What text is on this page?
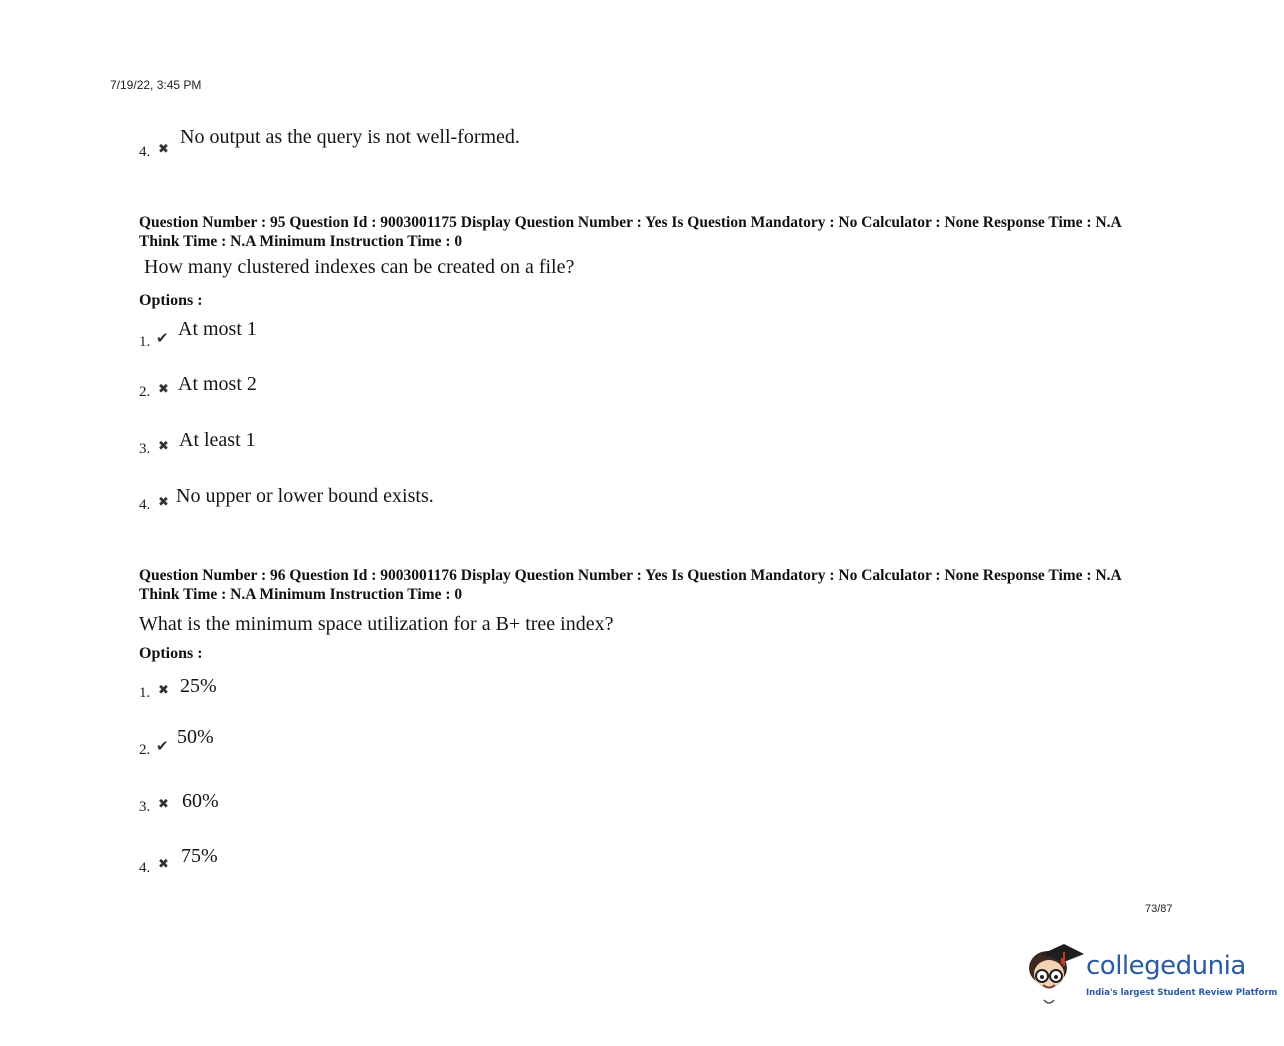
7/19/22, 3:45 PM
4. ✖
No output as the query is not well-formed.
Question Number : 95 Question Id : 9003001175 Display Question Number : Yes Is Question Mandatory : No Calculator : None Response Time : N.A Think Time : N.A Minimum Instruction Time : 0
How many clustered indexes can be created on a file?
Options :
1. ✔ At most 1
2. ✖ At most 2
3. ✖ At least 1
4. ✖ No upper or lower bound exists.
Question Number : 96 Question Id : 9003001176 Display Question Number : Yes Is Question Mandatory : No Calculator : None Response Time : N.A Think Time : N.A Minimum Instruction Time : 0
What is the minimum space utilization for a B+ tree index?
Options :
1. ✖ 25%
2. ✔ 50%
3. ✖ 60%
4. ✖ 75%
73/87
collegedunia
India's largest Student Review Platform
